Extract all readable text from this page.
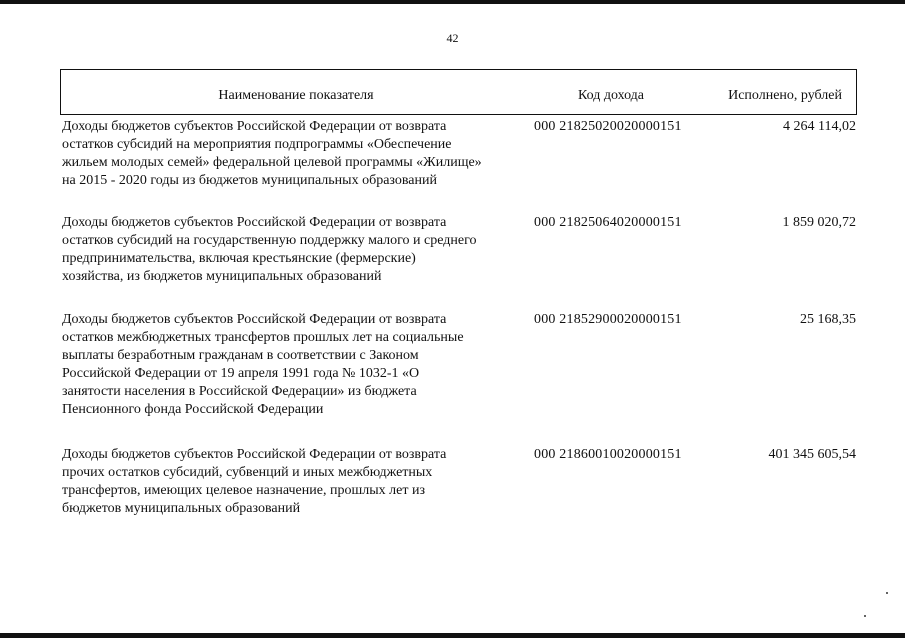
42
Наименование показателя	Код дохода	Исполнено, рублей
Доходы бюджетов субъектов Российской Федерации от возврата
остатков субсидий на мероприятия подпрограммы «Обеспечение
жильем молодых семей» федеральной целевой программы «Жилище»
на 2015 - 2020 годы из бюджетов муниципальных образований
000 21825020020000151	4 264 114,02
Доходы бюджетов субъектов Российской Федерации от возврата
остатков субсидий на государственную поддержку малого и среднего
предпринимательства, включая крестьянские (фермерские)
хозяйства, из бюджетов муниципальных образований
000 21825064020000151	1 859 020,72
Доходы бюджетов субъектов Российской Федерации от возврата
остатков межбюджетных трансфертов прошлых лет на социальные
выплаты безработным гражданам в соответствии с Законом
Российской Федерации от 19 апреля 1991 года № 1032-1 «О
занятости населения в Российской Федерации» из бюджета
Пенсионного фонда Российской Федерации
000 21852900020000151	25 168,35
Доходы бюджетов субъектов Российской Федерации от возврата
прочих остатков субсидий, субвенций и иных межбюджетных
трансфертов, имеющих целевое назначение, прошлых лет из
бюджетов муниципальных образований
000 21860010020000151	401 345 605,54
